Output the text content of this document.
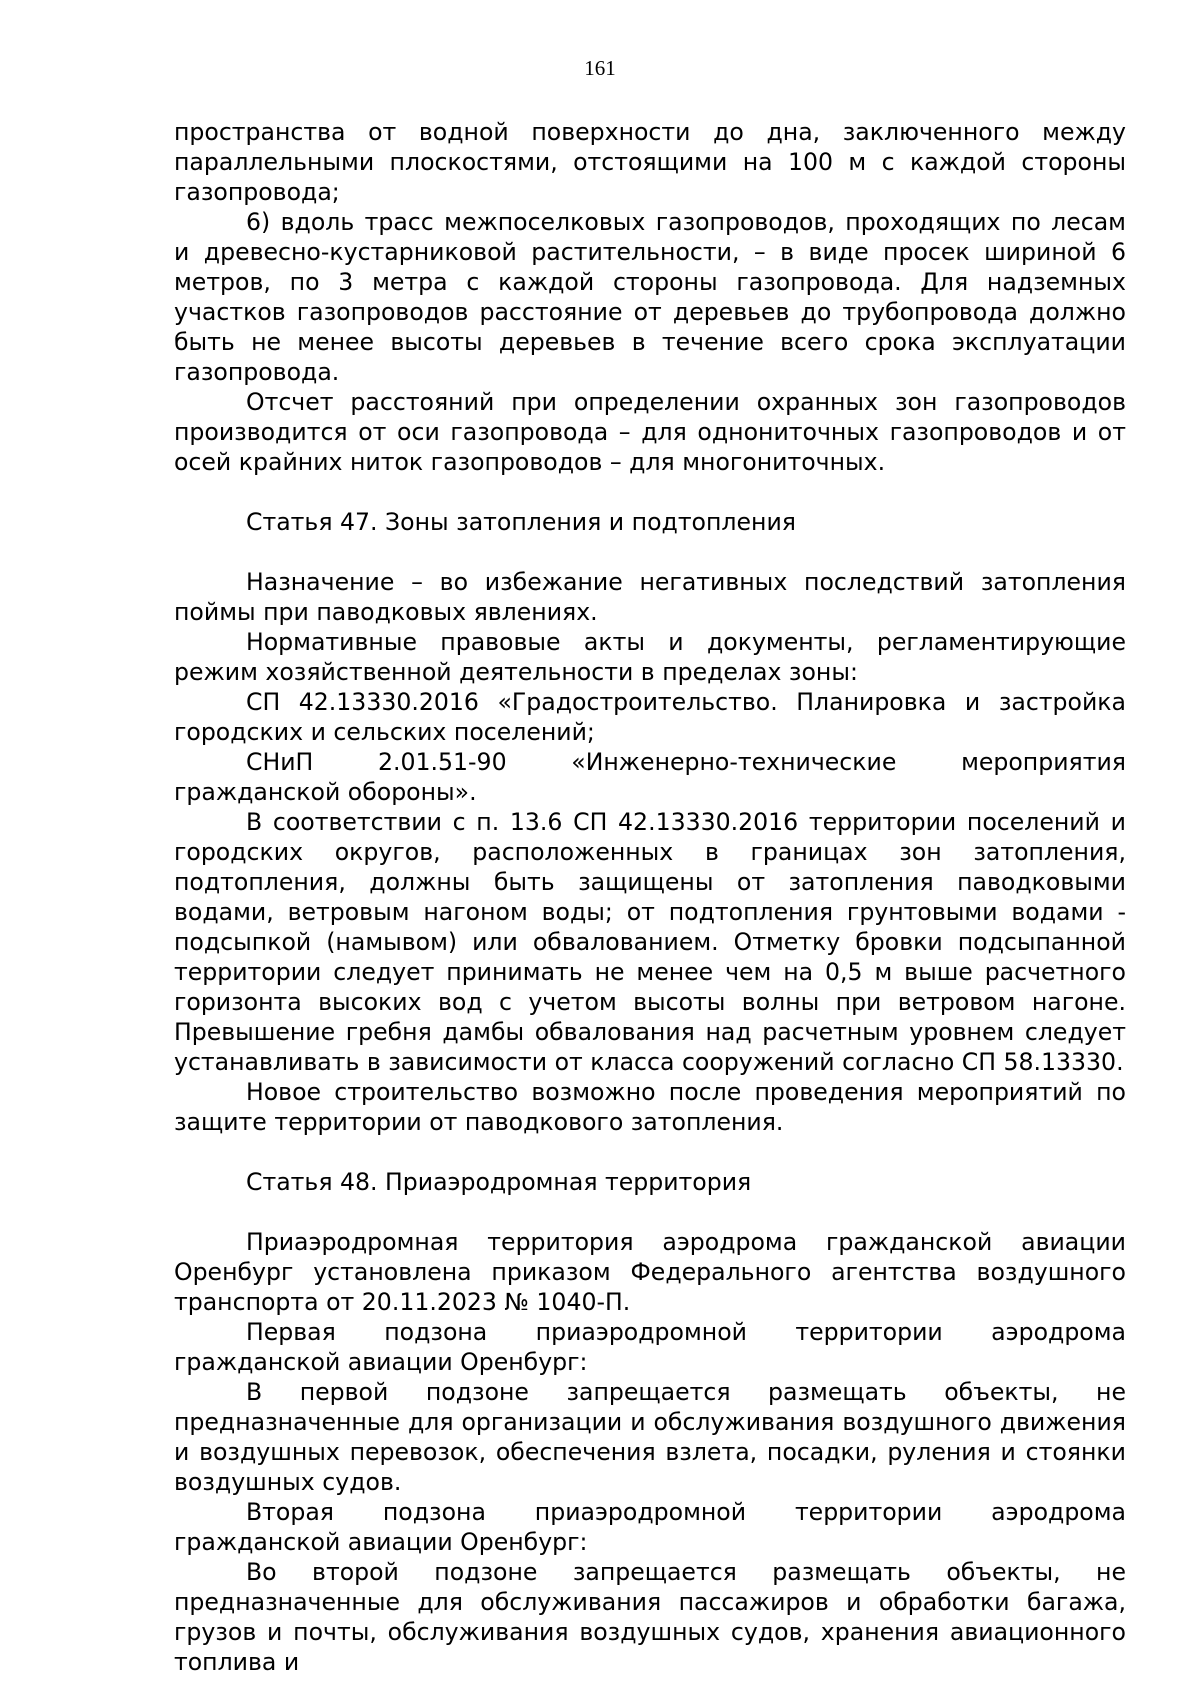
161

пространства от водной поверхности до дна, заключенного между параллельными плоскостями, отстоящими на 100 м с каждой стороны газопровода;

6) вдоль трасс межпоселковых газопроводов, проходящих по лесам и древесно-кустарниковой растительности, – в виде просек шириной 6 метров, по 3 метра с каждой стороны газопровода. Для надземных участков газопроводов расстояние от деревьев до трубопровода должно быть не менее высоты деревьев в течение всего срока эксплуатации газопровода.

Отсчет расстояний при определении охранных зон газопроводов производится от оси газопровода – для однониточных газопроводов и от осей крайних ниток газопроводов – для многониточных.

Статья 47. Зоны затопления и подтопления

Назначение – во избежание негативных последствий затопления поймы при паводковых явлениях.

Нормативные правовые акты и документы, регламентирующие режим хозяйственной деятельности в пределах зоны:

СП 42.13330.2016 «Градостроительство. Планировка и застройка городских и сельских поселений;

СНиП 2.01.51-90 «Инженерно-технические мероприятия гражданской обороны».

В соответствии с п. 13.6 СП 42.13330.2016 территории поселений и городских округов, расположенных в границах зон затопления, подтопления, должны быть защищены от затопления паводковыми водами, ветровым нагоном воды; от подтопления грунтовыми водами - подсыпкой (намывом) или обвалованием. Отметку бровки подсыпанной территории следует принимать не менее чем на 0,5 м выше расчетного горизонта высоких вод с учетом высоты волны при ветровом нагоне. Превышение гребня дамбы обвалования над расчетным уровнем следует устанавливать в зависимости от класса сооружений согласно СП 58.13330.

Новое строительство возможно после проведения мероприятий по защите территории от паводкового затопления.

Статья 48. Приаэродромная территория

Приаэродромная территория аэродрома гражданской авиации Оренбург установлена приказом Федерального агентства воздушного транспорта от 20.11.2023 № 1040-П.

Первая подзона приаэродромной территории аэродрома гражданской авиации Оренбург:

В первой подзоне запрещается размещать объекты, не предназначенные для организации и обслуживания воздушного движения и воздушных перевозок, обеспечения взлета, посадки, руления и стоянки воздушных судов.

Вторая подзона приаэродромной территории аэродрома гражданской авиации Оренбург:

Во второй подзоне запрещается размещать объекты, не предназначенные для обслуживания пассажиров и обработки багажа, грузов и почты, обслуживания воздушных судов, хранения авиационного топлива и
